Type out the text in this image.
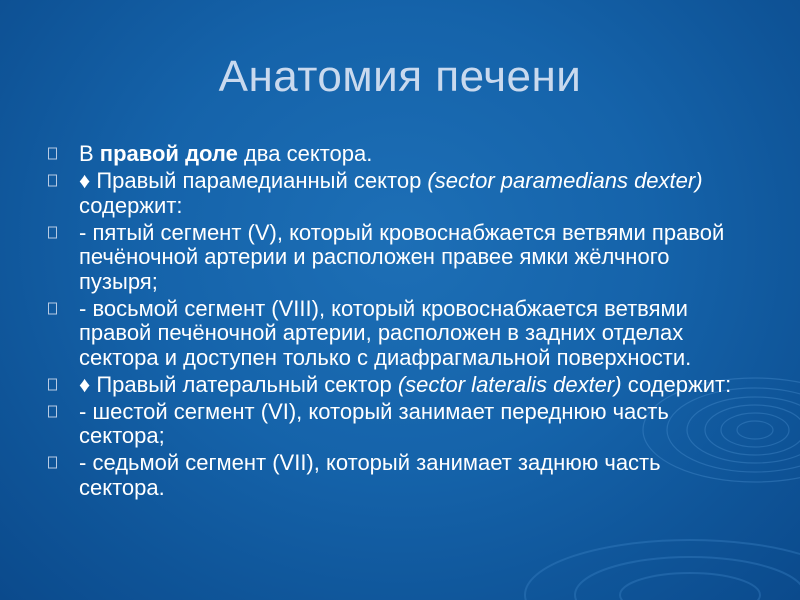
Анатомия печени
В правой доле два сектора.
♦ Правый парамедианный сектор (sector paramedians dexter) содержит:
- пятый сегмент (V), который кровоснабжается ветвями правой печёночной артерии и расположен правее ямки жёлчного пузыря;
- восьмой сегмент (VIII), который кровоснабжается ветвями правой печёночной артерии, расположен в задних отделах сектора и доступен только с диафрагмальной поверхности.
♦ Правый латеральный сектор (sector lateralis dexter) содержит:
- шестой сегмент (VI), который занимает переднюю часть сектора;
- седьмой сегмент (VII), который занимает заднюю часть сектора.
